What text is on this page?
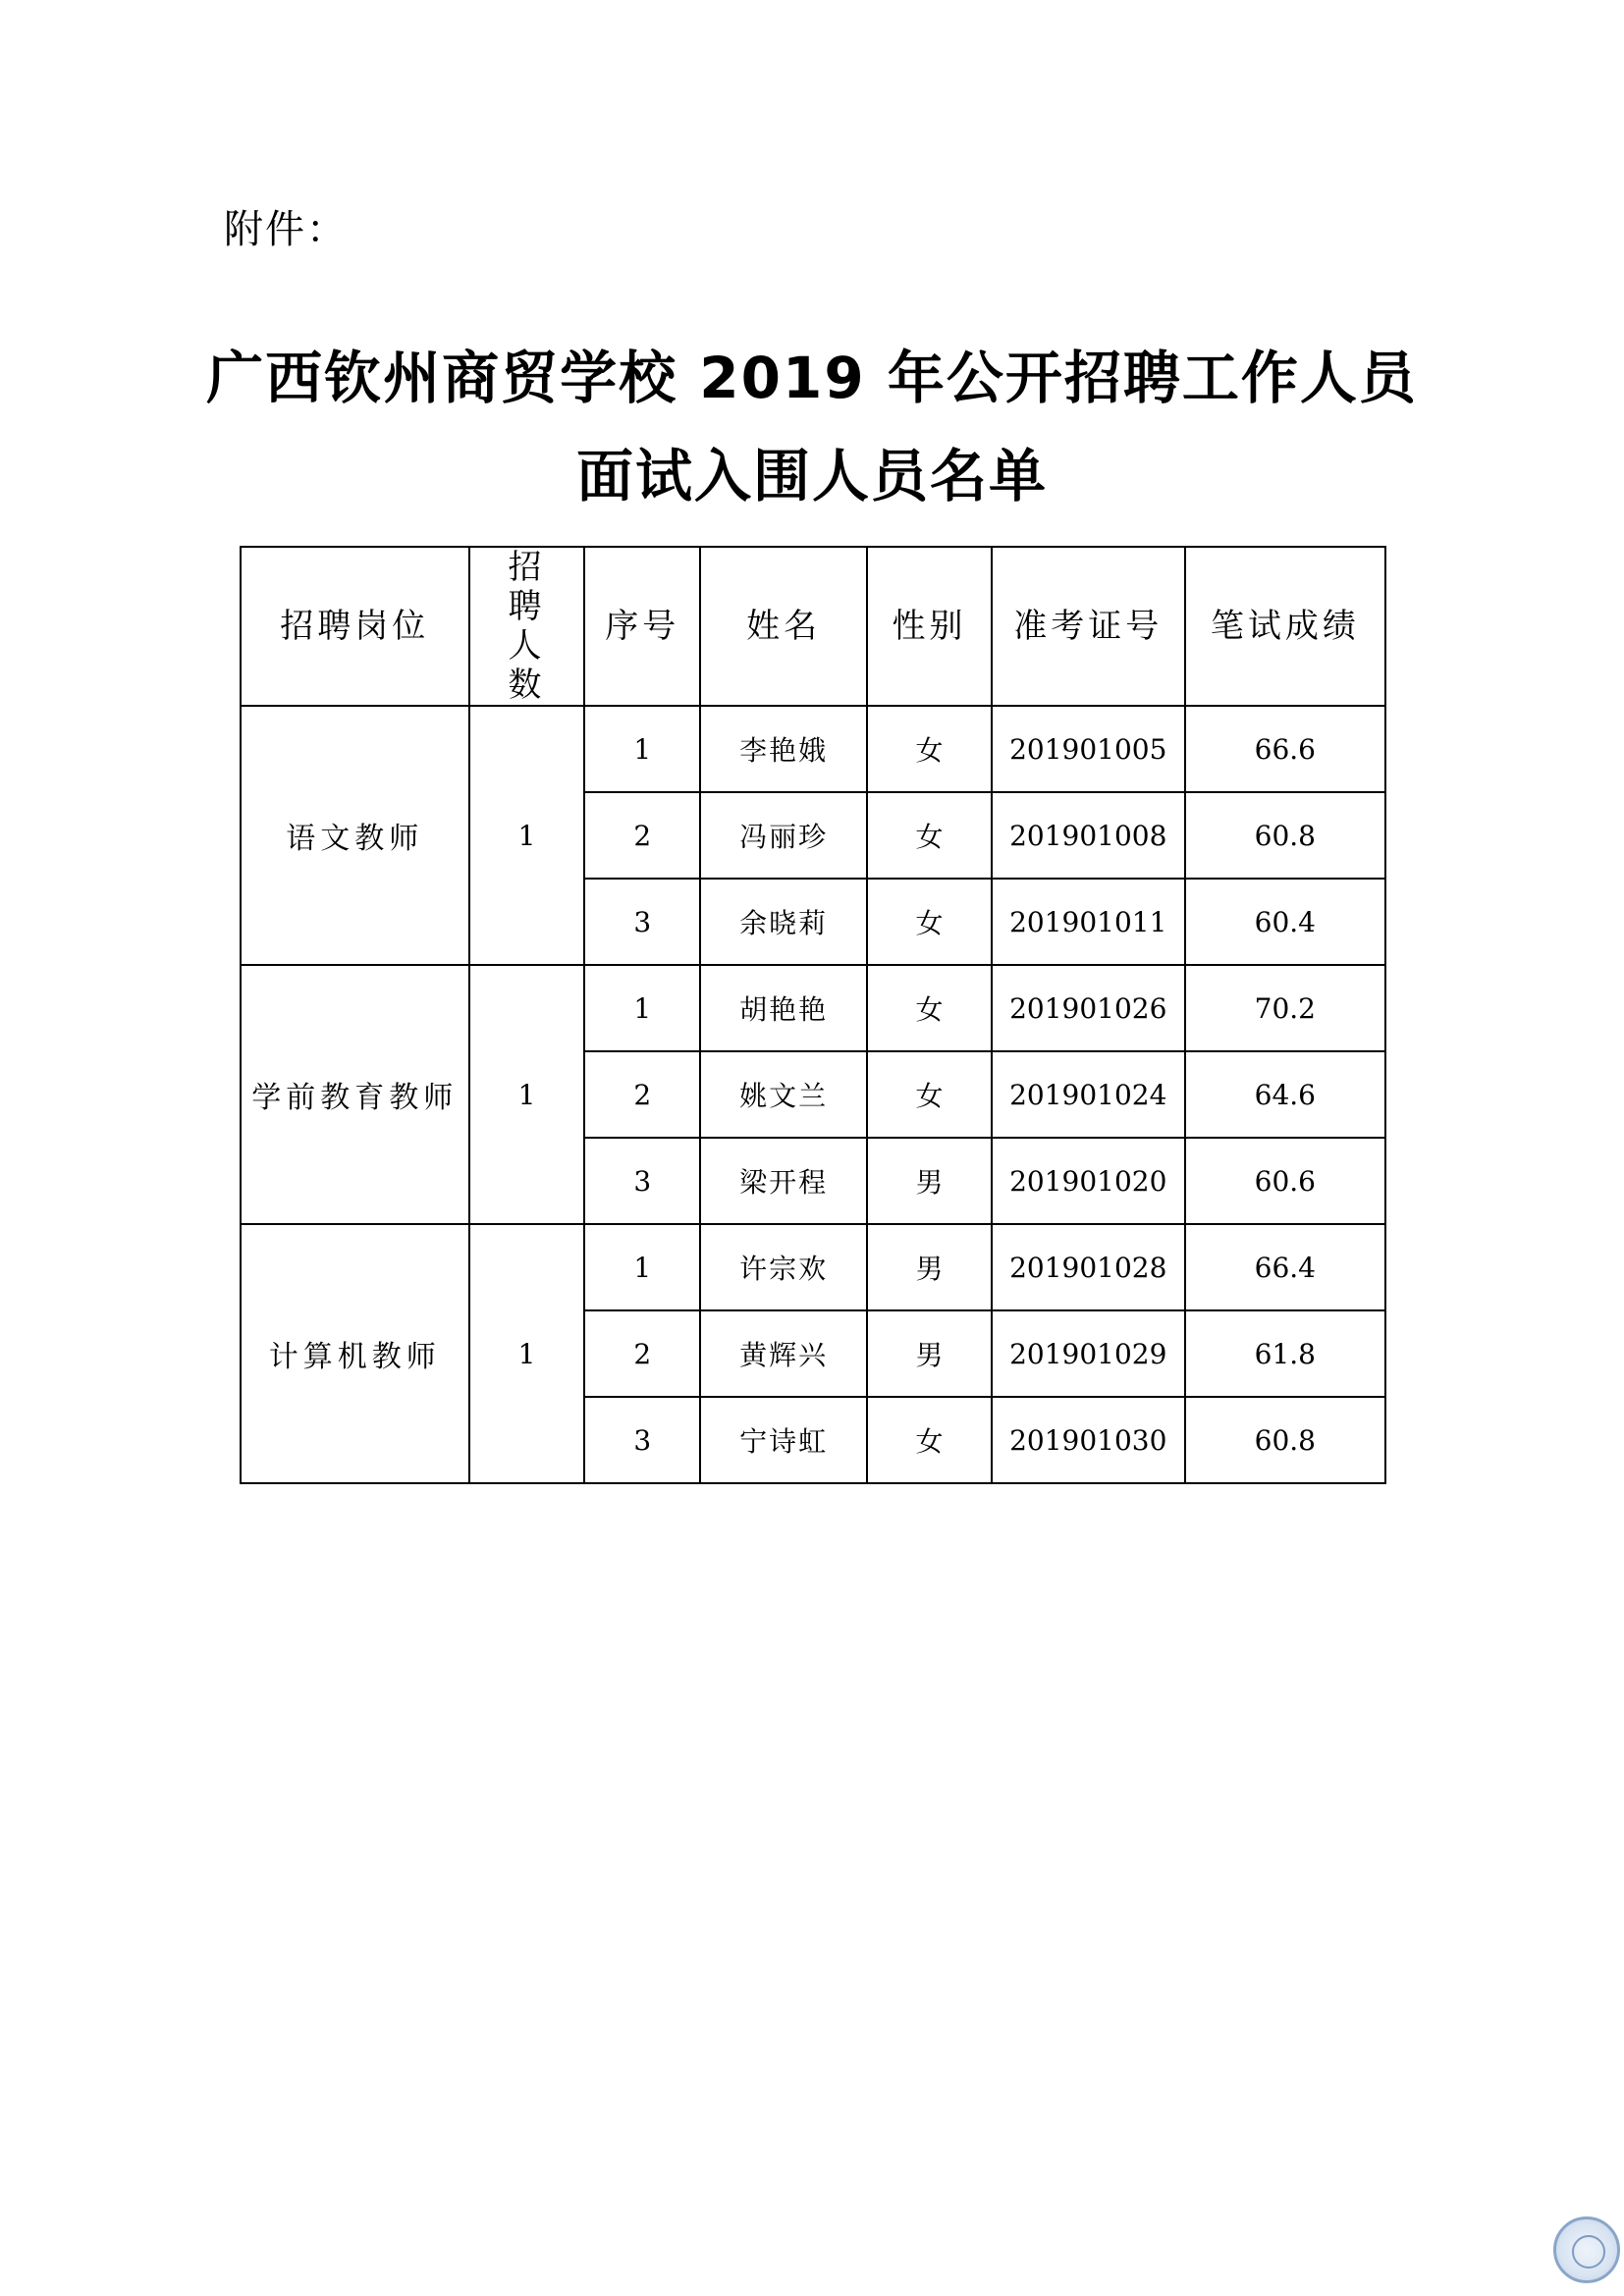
附件：
广西钦州商贸学校 2019 年公开招聘工作人员
面试入围人员名单
招聘岗位	招聘人数	序号	姓名	性别	准考证号	笔试成绩
语文教师	1	1	李艳娥	女	201901005	66.6
		2	冯丽珍	女	201901008	60.8
		3	余晓莉	女	201901011	60.4
学前教育教师	1	1	胡艳艳	女	201901026	70.2
		2	姚文兰	女	201901024	64.6
		3	梁开程	男	201901020	60.6
计算机教师	1	1	许宗欢	男	201901028	66.4
		2	黄辉兴	男	201901029	61.8
		3	宁诗虹	女	201901030	60.8
